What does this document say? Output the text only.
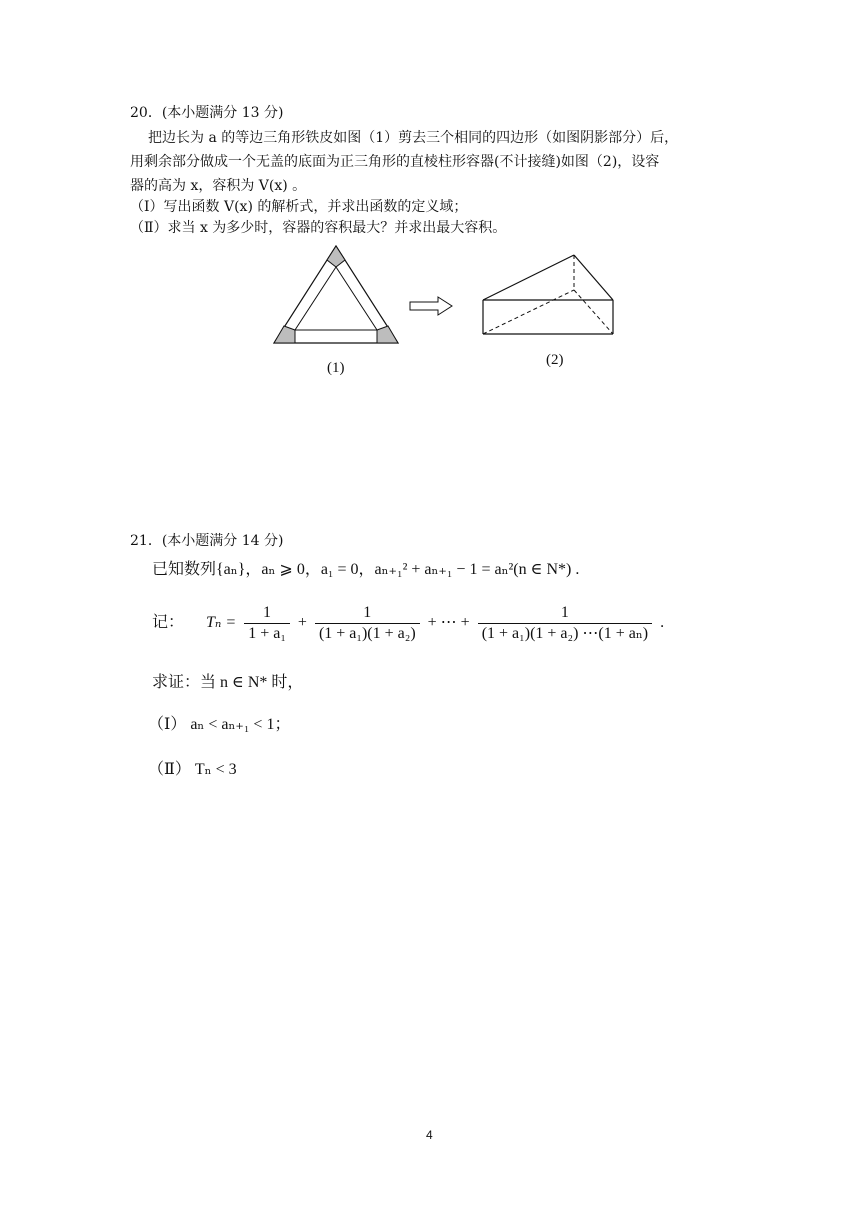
20．(本小题满分 13 分)
把边长为 a 的等边三角形铁皮如图（1）剪去三个相同的四边形（如图阴影部分）后，
用剩余部分做成一个无盖的底面为正三角形的直棱柱形容器(不计接缝)如图（2)，设容
器的高为 x，容积为 V(x) 。
（Ⅰ）写出函数 V(x) 的解析式，并求出函数的定义域；
（Ⅱ）求当 x 为多少时，容器的容积最大？并求出最大容积。
(1)	(2)
21．(本小题满分 14 分)
已知数列{aₙ}，aₙ ⩾ 0，a₁ = 0，aₙ₊₁² + aₙ₊₁ − 1 = aₙ²(n ∈ N*) .
记： $T_n = \frac{1}{\text{1 + a₁}} + \frac{1}{\text{(1 + a₁)(1 + a₂)}}$ + ⋯ + $\frac{1}{\text{(1 + a₁)(1 + a₂) ⋯(1 + aₙ)}}$ .
求证：当 n ∈ N* 时，
（Ⅰ） aₙ < aₙ₊₁ < 1；
（Ⅱ） Tₙ < 3
4
